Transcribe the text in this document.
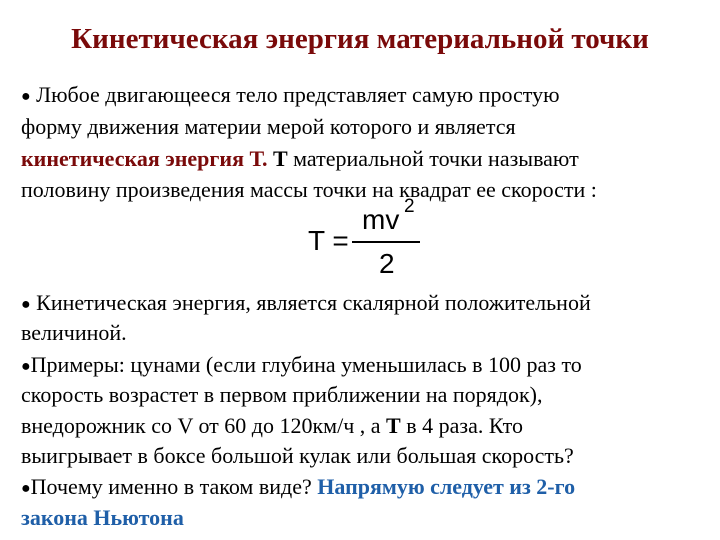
Кинетическая энергия материальной точки
● Любое двигающееся тело представляет самую простую
форму движения материи мерой которого и является
кинетическая энергия Т. Т материальной точки называют
половину произведения массы точки на квадрат ее скорости :
T =
mv 2
2
● Кинетическая энергия, является скалярной положительной
величиной.
●Примеры: цунами (если глубина уменьшилась в 100 раз то
скорость возрастет в первом приближении на порядок),
внедорожник со V от 60 до 120км/ч , а Т в 4 раза. Кто
выигрывает в боксе большой кулак или большая скорость?
●Почему именно в таком виде? Напрямую следует из 2-го
закона Ньютона
